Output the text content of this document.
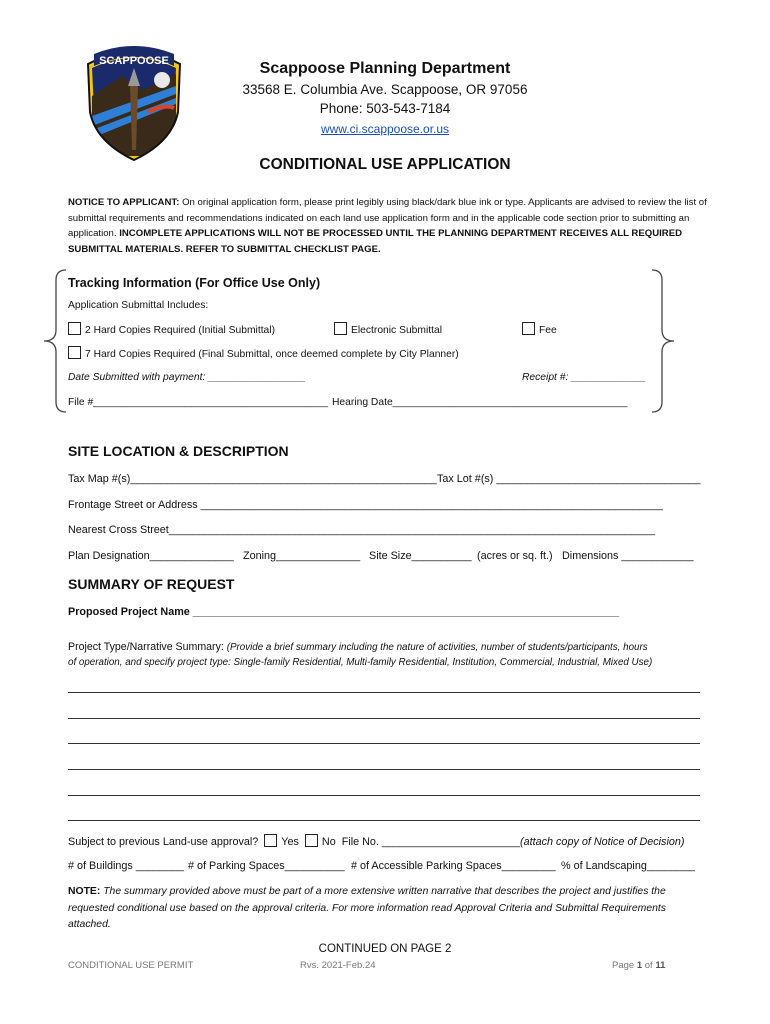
SCAPPOOSE	Scappoose Planning Department
33568 E. Columbia Ave. Scappoose, OR 97056
Phone: 503-543-7184
www.ci.scappoose.or.us
CONDITIONAL USE APPLICATION
NOTICE TO APPLICANT: On original application form, please print legibly using black/dark blue ink or type. Applicants are advised to review the list of submittal requirements and recommendations indicated on each land use application form and in the applicable code section prior to submitting an application. INCOMPLETE APPLICATIONS WILL NOT BE PROCESSED UNTIL THE PLANNING DEPARTMENT RECEIVES ALL REQUIRED SUBMITTAL MATERIALS. REFER TO SUBMITTAL CHECKLIST PAGE.
Tracking Information (For Office Use Only)
Application Submittal Includes:
2 Hard Copies Required (Initial Submittal)	Electronic Submittal	Fee
7 Hard Copies Required (Final Submittal, once deemed complete by City Planner)
Date Submitted with payment: _________________	Receipt #: _____________
File #_________________________________________ Hearing Date_________________________________________
SITE LOCATION & DESCRIPTION
Tax Map #(s)___________________________________________________ Tax Lot #(s) __________________________________
Frontage Street or Address _____________________________________________________________________________
Nearest Cross Street_________________________________________________________________________________
Plan Designation______________ Zoning______________ Site Size__________ (acres or sq. ft.) Dimensions ____________
SUMMARY OF REQUEST
Proposed Project Name _______________________________________________________________________
Project Type/Narrative Summary: (Provide a brief summary including the nature of activities, number of students/participants, hours
of operation, and specify project type: Single-family Residential, Multi-family Residential, Institution, Commercial, Industrial, Mixed Use)
Subject to previous Land-use approval? Yes No File No. _______________________(attach copy of Notice of Decision)
# of Buildings ________ # of Parking Spaces__________ # of Accessible Parking Spaces_________ % of Landscaping________
NOTE: The summary provided above must be part of a more extensive written narrative that describes the project and justifies the requested conditional use based on the approval criteria. For more information read Approval Criteria and Submittal Requirements attached.
CONTINUED ON PAGE 2
CONDITIONAL USE PERMIT	Rvs. 2021-Feb.24	Page 1 of 11
